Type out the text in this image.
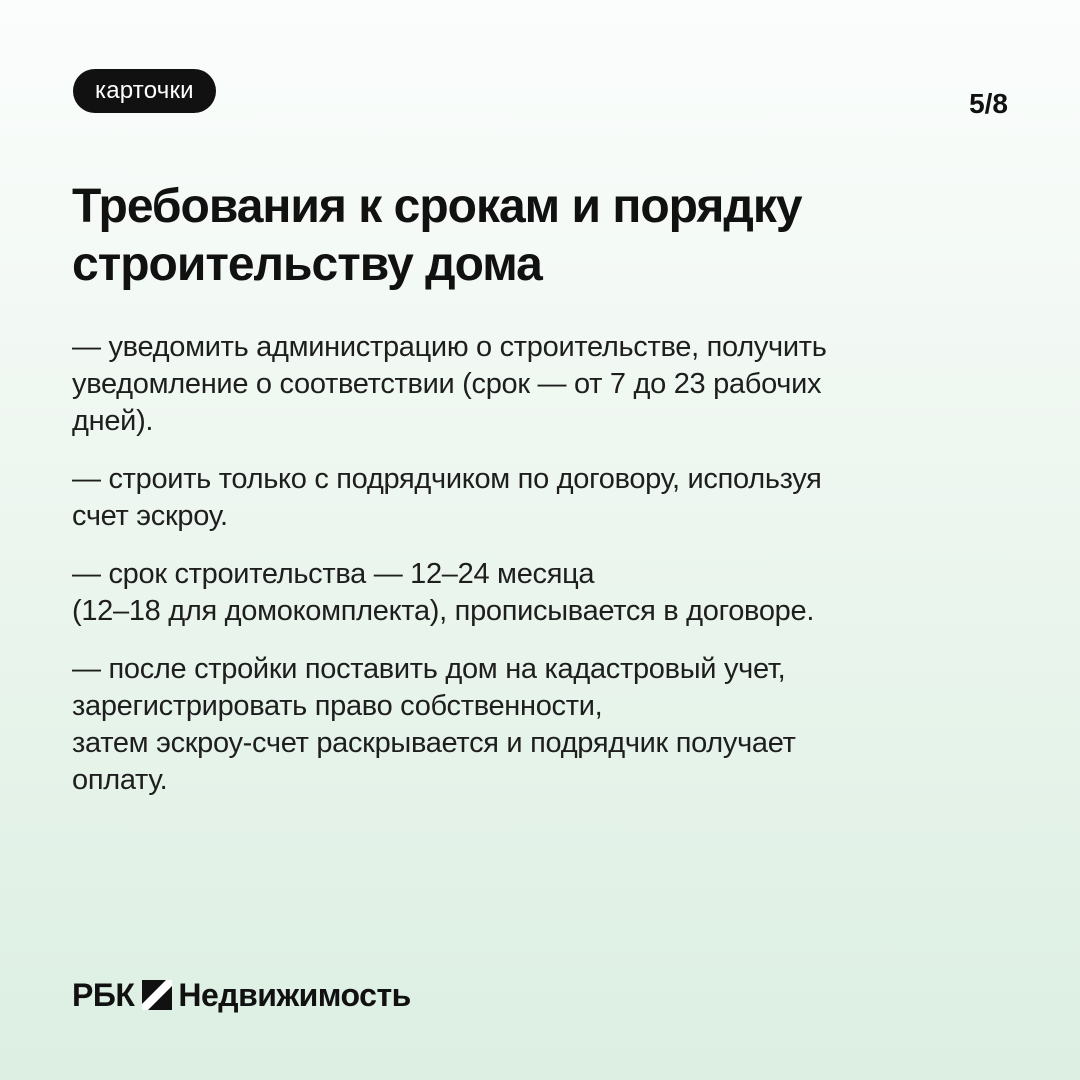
карточки	5/8
Требования к срокам и порядку
строительству дома
— уведомить администрацию о строительстве, получить
уведомление о соответствии (срок — от 7 до 23 рабочих
дней).
— строить только с подрядчиком по договору, используя
счет эскроу.
— срок строительства — 12–24 месяца
(12–18 для домокомплекта), прописывается в договоре.
— после стройки поставить дом на кадастровый учет,
зарегистрировать право собственности,
затем эскроу-счет раскрывается и подрядчик получает
оплату.
РБК Недвижимость
